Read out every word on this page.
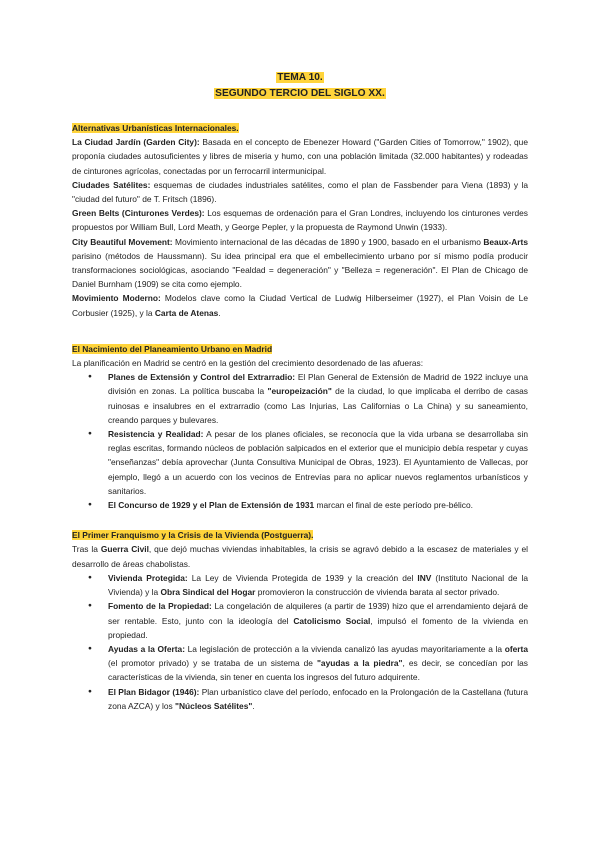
TEMA 10.
SEGUNDO TERCIO DEL SIGLO XX.
Alternativas Urbanísticas Internacionales.

La Ciudad Jardín (Garden City): Basada en el concepto de Ebenezer Howard ("Garden Cities of Tomorrow," 1902), que proponía ciudades autosuficientes y libres de miseria y humo, con una población limitada (32.000 habitantes) y rodeadas de cinturones agrícolas, conectadas por un ferrocarril intermunicipal.

Ciudades Satélites: esquemas de ciudades industriales satélites, como el plan de Fassbender para Viena (1893) y la "ciudad del futuro" de T. Fritsch (1896).

Green Belts (Cinturones Verdes): Los esquemas de ordenación para el Gran Londres, incluyendo los cinturones verdes propuestos por William Bull, Lord Meath, y George Pepler, y la propuesta de Raymond Unwin (1933).

City Beautiful Movement: Movimiento internacional de las décadas de 1890 y 1900, basado en el urbanismo Beaux-Arts parisino (métodos de Haussmann). Su idea principal era que el embellecimiento urbano por sí mismo podía producir transformaciones sociológicas, asociando "Fealdad = degeneración" y "Belleza = regeneración". El Plan de Chicago de Daniel Burnham (1909) se cita como ejemplo.

Movimiento Moderno: Modelos clave como la Ciudad Vertical de Ludwig Hilberseimer (1927), el Plan Voisin de Le Corbusier (1925), y la Carta de Atenas.

El Nacimiento del Planeamiento Urbano en Madrid

La planificación en Madrid se centró en la gestión del crecimiento desordenado de las afueras:

● Planes de Extensión y Control del Extrarradio: El Plan General de Extensión de Madrid de 1922 incluye una división en zonas. La política buscaba la "europeización" de la ciudad, lo que implicaba el derribo de casas ruinosas e insalubres en el extrarradio (como Las Injurias, Las Californias o La China) y su saneamiento, creando parques y bulevares.
● Resistencia y Realidad: A pesar de los planes oficiales, se reconocía que la vida urbana se desarrollaba sin reglas escritas, formando núcleos de población salpicados en el exterior que el municipio debía respetar y cuyas "enseñanzas" debía aprovechar (Junta Consultiva Municipal de Obras, 1923). El Ayuntamiento de Vallecas, por ejemplo, llegó a un acuerdo con los vecinos de Entrevías para no aplicar nuevos reglamentos urbanísticos y sanitarios.
● El Concurso de 1929 y el Plan de Extensión de 1931 marcan el final de este período pre-bélico.
El Primer Franquismo y la Crisis de la Vivienda (Postguerra).

Tras la Guerra Civil, que dejó muchas viviendas inhabitables, la crisis se agravó debido a la escasez de materiales y el desarrollo de áreas chabolistas.

● Vivienda Protegida: La Ley de Vivienda Protegida de 1939 y la creación del INV (Instituto Nacional de la Vivienda) y la Obra Sindical del Hogar promovieron la construcción de vivienda barata al sector privado.
● Fomento de la Propiedad: La congelación de alquileres (a partir de 1939) hizo que el arrendamiento dejará de ser rentable. Esto, junto con la ideología del Catolicismo Social, impulsó el fomento de la vivienda en propiedad.
● Ayudas a la Oferta: La legislación de protección a la vivienda canalizó las ayudas mayoritariamente a la oferta (el promotor privado) y se trataba de un sistema de "ayudas a la piedra", es decir, se concedían por las características de la vivienda, sin tener en cuenta los ingresos del futuro adquirente.
● El Plan Bidagor (1946): Plan urbanístico clave del período, enfocado en la Prolongación de la Castellana (futura zona AZCA) y los "Núcleos Satélites".
